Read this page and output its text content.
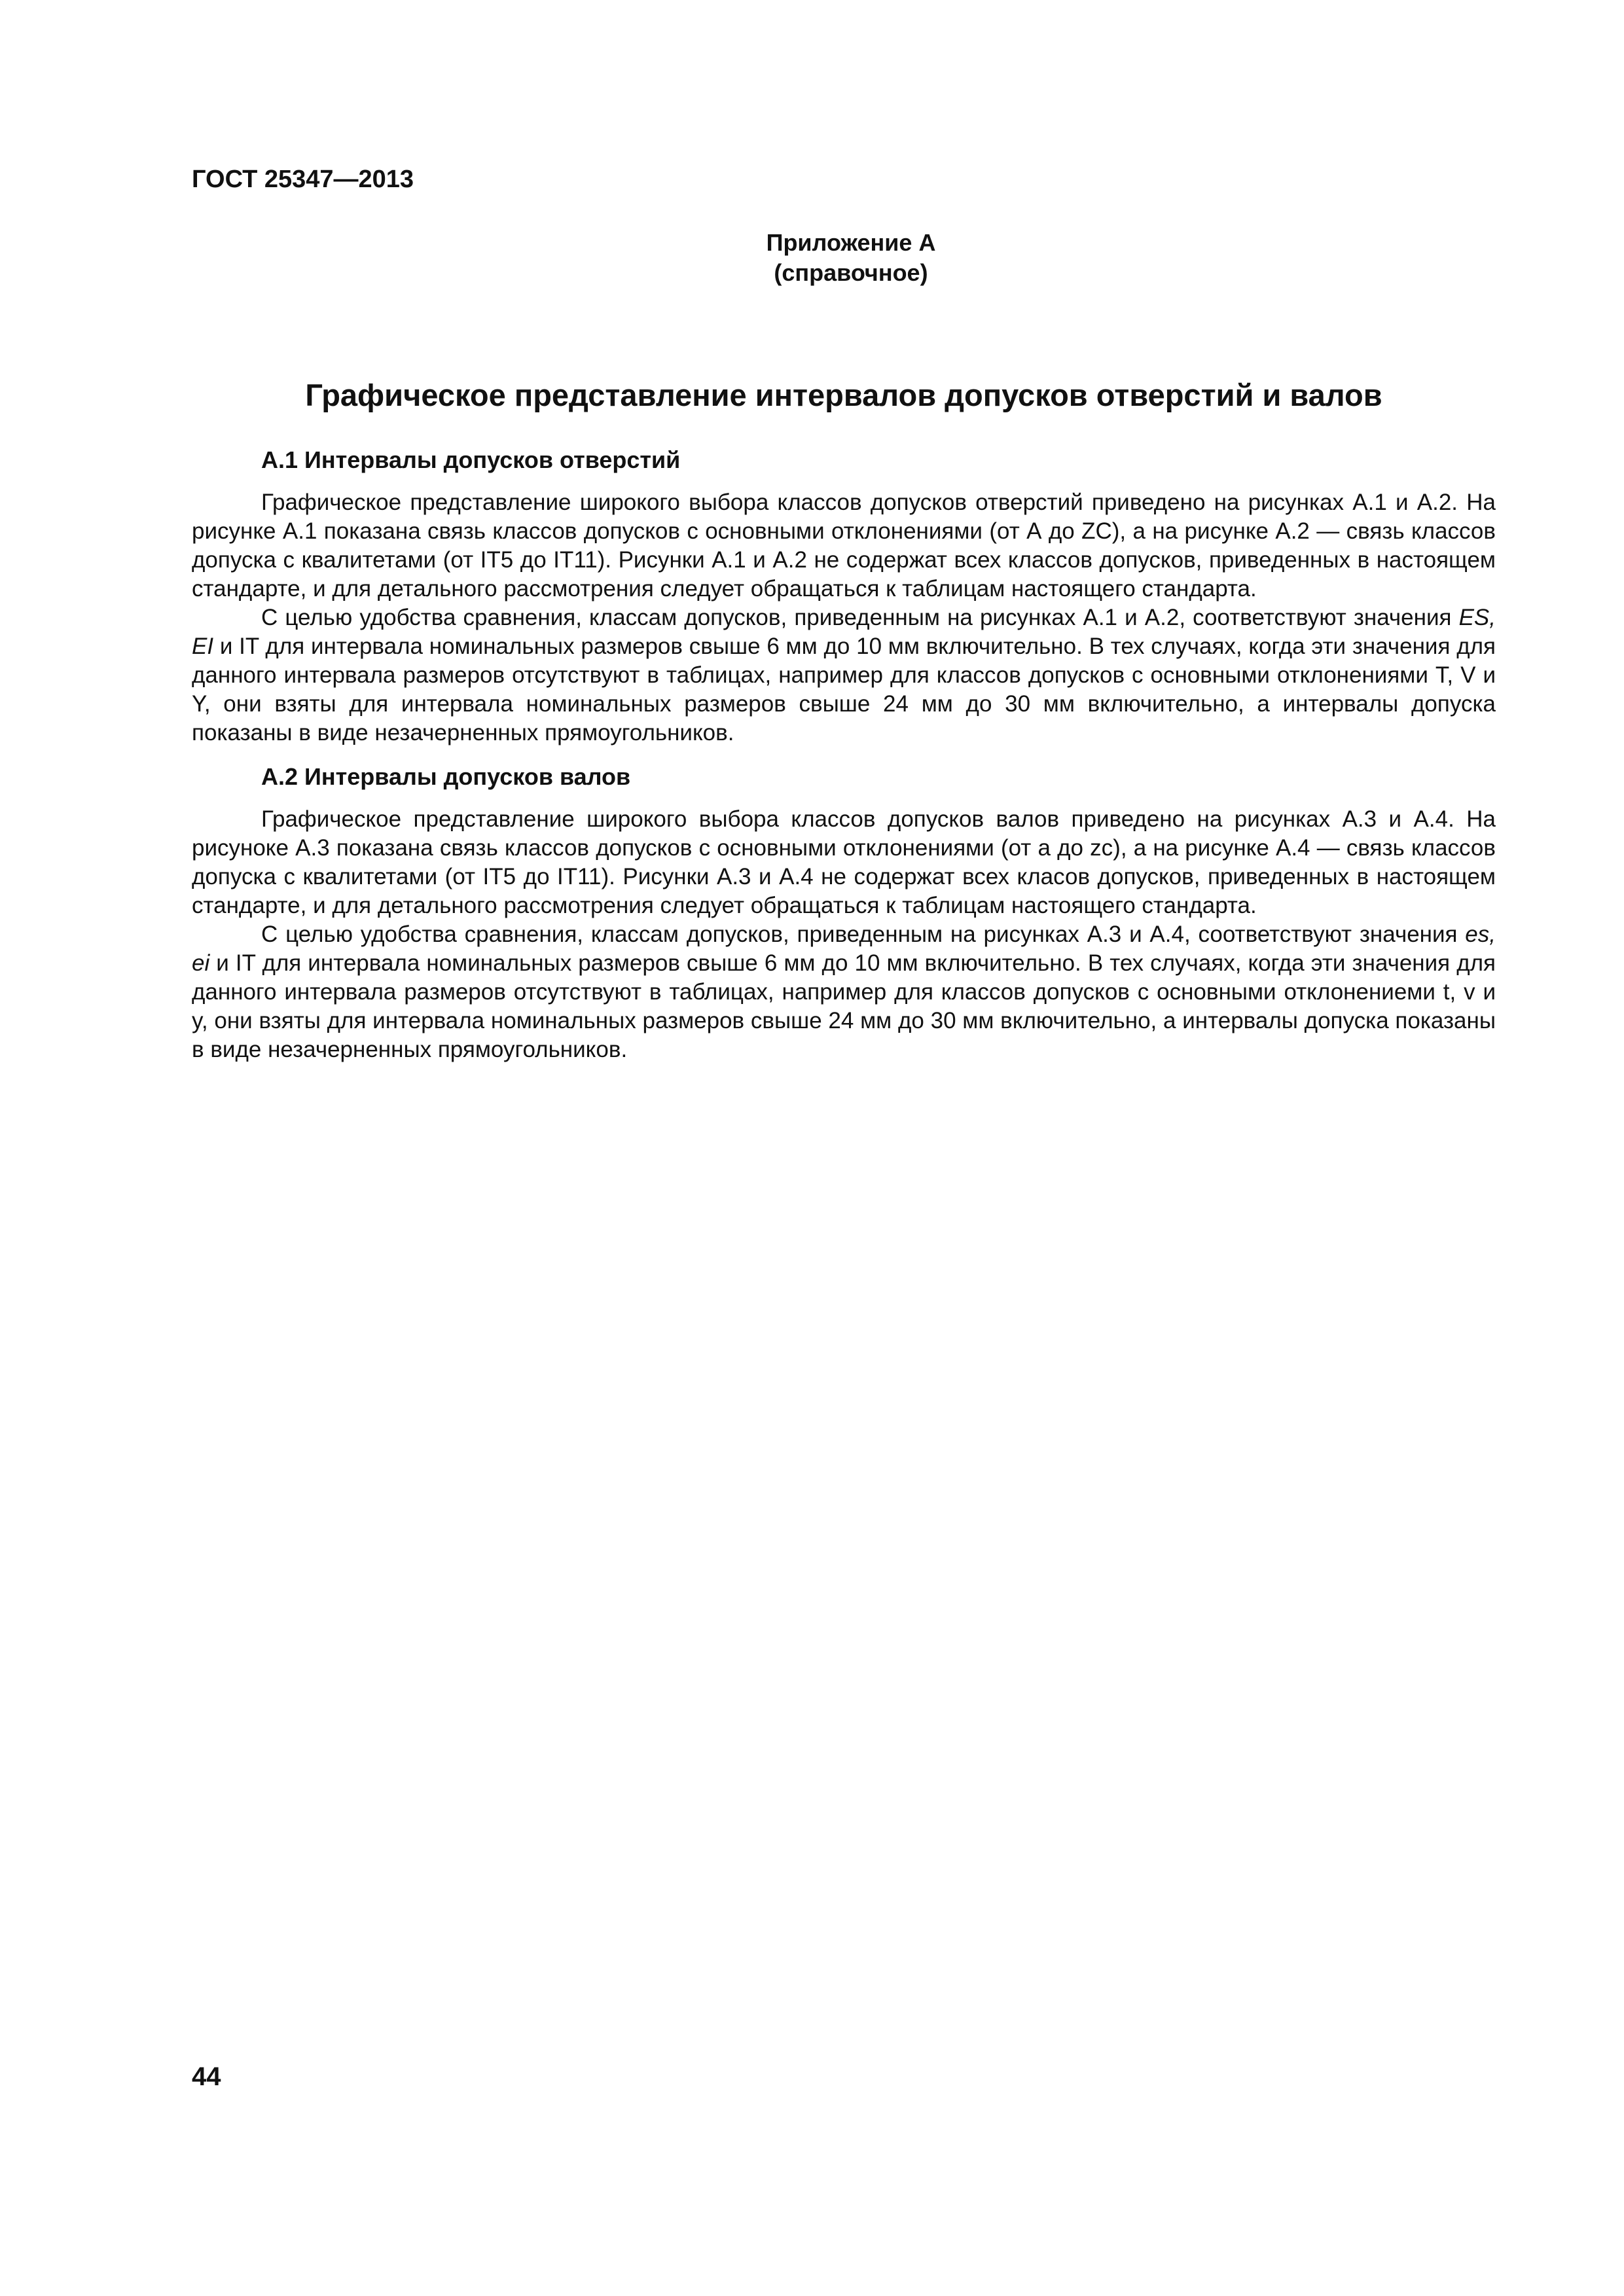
ГОСТ 25347—2013

Приложение А
(справочное)
Графическое представление интервалов допусков отверстий и валов
А.1 Интервалы допусков отверстий

Графическое представление широкого выбора классов допусков отверстий приведено на рисунках А.1 и А.2. На рисунке А.1 показана связь классов допусков с основными отклонениями (от А до ZC), а на рисунке А.2 — связь классов допуска с квалитетами (от IT5 до IT11). Рисунки А.1 и А.2 не содержат всех классов допусков, приведенных в настоящем стандарте, и для детального рассмотрения следует обращаться к таблицам настоящего стандарта.

С целью удобства сравнения, классам допусков, приведенным на рисунках А.1 и А.2, соответствуют значения ES, EI и IT для интервала номинальных размеров свыше 6 мм до 10 мм включительно. В тех случаях, когда эти значения для данного интервала размеров отсутствуют в таблицах, например для классов допусков с основными отклонениями T, V и Y, они взяты для интервала номинальных размеров свыше 24 мм до 30 мм включительно, а интервалы допуска показаны в виде незачерненных прямоугольников.

А.2 Интервалы допусков валов

Графическое представление широкого выбора классов допусков валов приведено на рисунках А.3 и А.4. На рисуноке А.3 показана связь классов допусков с основными отклонениями (от a до zc), а на рисунке А.4 — связь классов допуска с квалитетами (от IT5 до IT11). Рисунки А.3 и А.4 не содержат всех класов допусков, приведенных в настоящем стандарте, и для детального рассмотрения следует обращаться к таблицам настоящего стандарта.

С целью удобства сравнения, классам допусков, приведенным на рисунках А.3 и А.4, соответствуют значения es, ei и IT для интервала номинальных размеров свыше 6 мм до 10 мм включительно. В тех случаях, когда эти значения для данного интервала размеров отсутствуют в таблицах, например для классов допусков с основными отклонениеми t, v и y, они взяты для интервала номинальных размеров свыше 24 мм до 30 мм включительно, а интервалы допуска показаны в виде незачерненных прямоугольников.

44
